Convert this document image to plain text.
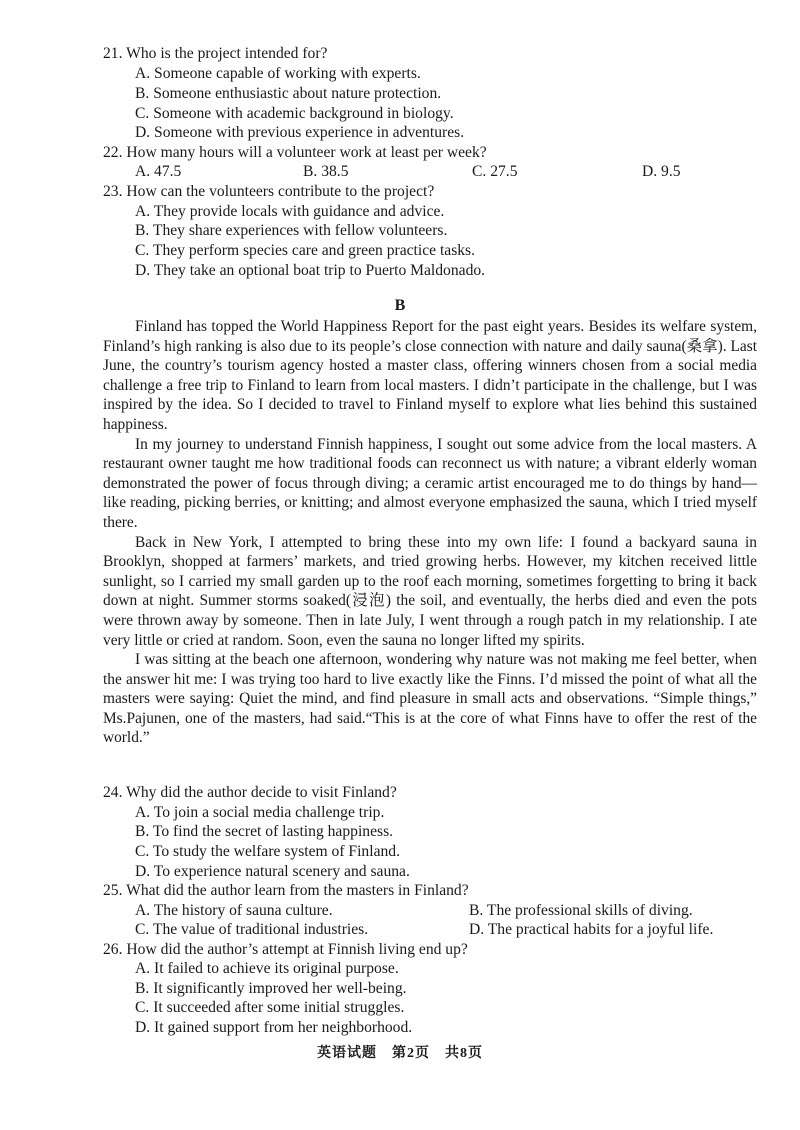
21. Who is the project intended for?
A. Someone capable of working with experts.
B. Someone enthusiastic about nature protection.
C. Someone with academic background in biology.
D. Someone with previous experience in adventures.
22. How many hours will a volunteer work at least per week?
A. 47.5	B. 38.5	C. 27.5	D. 9.5
23. How can the volunteers contribute to the project?
A. They provide locals with guidance and advice.
B. They share experiences with fellow volunteers.
C. They perform species care and green practice tasks.
D. They take an optional boat trip to Puerto Maldonado.
B

Finland has topped the World Happiness Report for the past eight years. Besides its welfare system, Finland’s high ranking is also due to its people’s close connection with nature and daily sauna(桑拿). Last June, the country’s tourism agency hosted a master class, offering winners chosen from a social media challenge a free trip to Finland to learn from local masters. I didn’t participate in the challenge, but I was inspired by the idea. So I decided to travel to Finland myself to explore what lies behind this sustained happiness.

In my journey to understand Finnish happiness, I sought out some advice from the local masters. A restaurant owner taught me how traditional foods can reconnect us with nature; a vibrant elderly woman demonstrated the power of focus through diving; a ceramic artist encouraged me to do things by hand—like reading, picking berries, or knitting; and almost everyone emphasized the sauna, which I tried myself there.

Back in New York, I attempted to bring these into my own life: I found a backyard sauna in Brooklyn, shopped at farmers’ markets, and tried growing herbs. However, my kitchen received little sunlight, so I carried my small garden up to the roof each morning, sometimes forgetting to bring it back down at night. Summer storms soaked(浸泡) the soil, and eventually, the herbs died and even the pots were thrown away by someone. Then in late July, I went through a rough patch in my relationship. I ate very little or cried at random. Soon, even the sauna no longer lifted my spirits.

I was sitting at the beach one afternoon, wondering why nature was not making me feel better, when the answer hit me: I was trying too hard to live exactly like the Finns. I’d missed the point of what all the masters were saying: Quiet the mind, and find pleasure in small acts and observations. “Simple things,” Ms.Pajunen, one of the masters, had said.“This is at the core of what Finns have to offer the rest of the world.”

24. Why did the author decide to visit Finland?
A. To join a social media challenge trip.
B. To find the secret of lasting happiness.
C. To study the welfare system of Finland.
D. To experience natural scenery and sauna.
25. What did the author learn from the masters in Finland?
A. The history of sauna culture.	B. The professional skills of diving.
C. The value of traditional industries.	D. The practical habits for a joyful life.
26. How did the author’s attempt at Finnish living end up?
A. It failed to achieve its original purpose.
B. It significantly improved her well-being.
C. It succeeded after some initial struggles.
D. It gained support from her neighborhood.
英语试题　第2页　共8页
